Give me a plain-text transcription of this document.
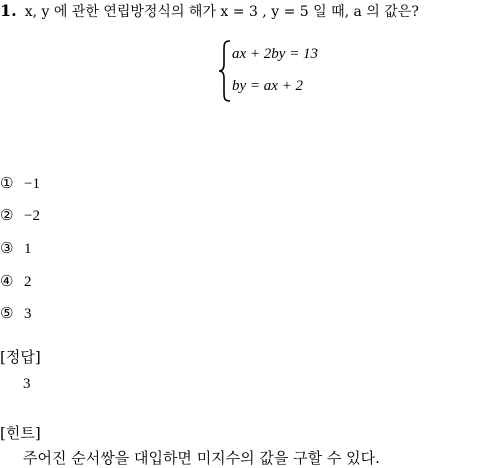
1. x, y 에 관한 연립방정식의 해가 x = 3 , y = 5 일 때, a 의 값은?
ax + 2by = 13
by = ax + 2
① −1
② −2
③ 1
④ 2
⑤ 3
[정답]
3
[힌트]
주어진 순서쌍을 대입하면 미지수의 값을 구할 수 있다.
